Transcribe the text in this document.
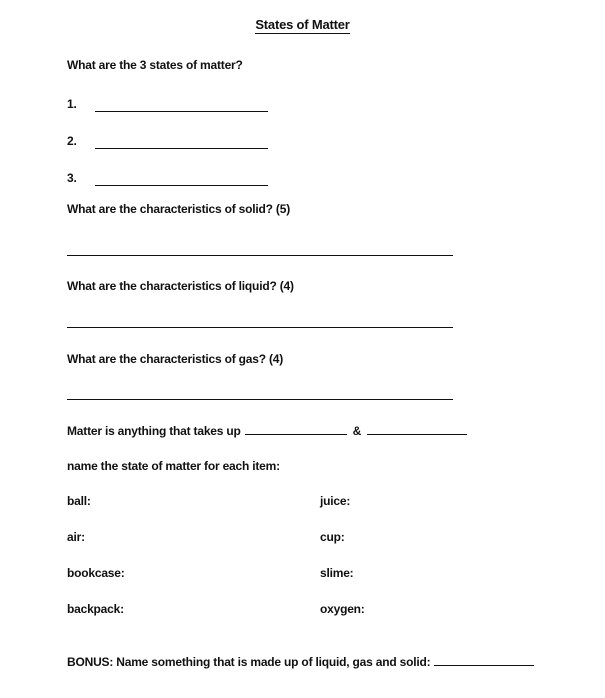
States of Matter
What are the 3 states of matter?
1.
2.
3.
What are the characteristics of solid? (5)
What are the characteristics of liquid? (4)
What are the characteristics of gas? (4)
Matter is anything that takes up	&
name the state of matter for each item:
ball:	juice:
air:	cup:
bookcase:	slime:
backpack:	oxygen:
BONUS: Name something that is made up of liquid, gas and solid:
